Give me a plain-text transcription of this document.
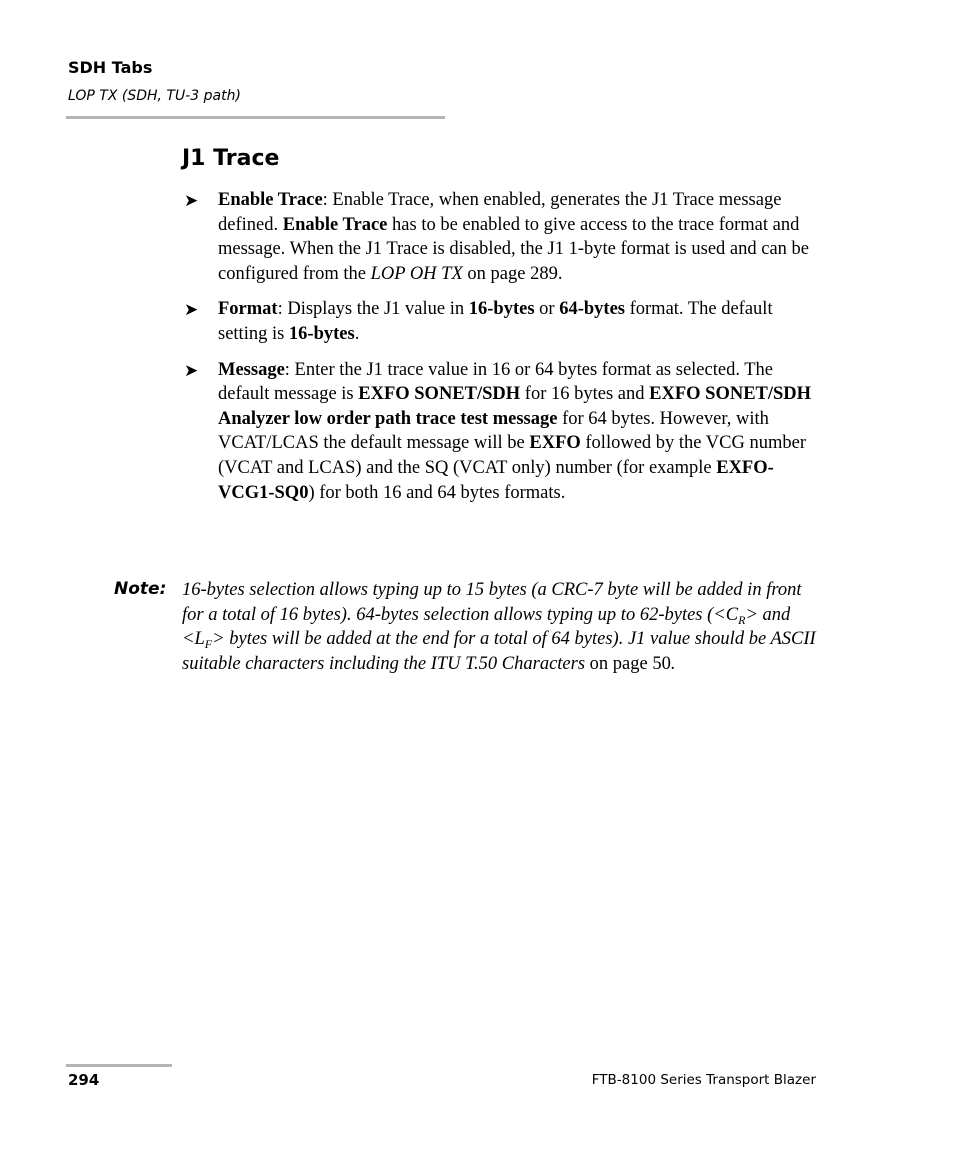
SDH Tabs
LOP TX (SDH, TU-3 path)
J1 Trace
➤ Enable Trace: Enable Trace, when enabled, generates the J1 Trace message defined. Enable Trace has to be enabled to give access to the trace format and message. When the J1 Trace is disabled, the J1 1-byte format is used and can be configured from the LOP OH TX on page 289.
➤ Format: Displays the J1 value in 16-bytes or 64-bytes format. The default setting is 16-bytes.
➤ Message: Enter the J1 trace value in 16 or 64 bytes format as selected. The default message is EXFO SONET/SDH for 16 bytes and EXFO SONET/SDH Analyzer low order path trace test message for 64 bytes. However, with VCAT/LCAS the default message will be EXFO followed by the VCG number (VCAT and LCAS) and the SQ (VCAT only) number (for example EXFO-VCG1-SQ0) for both 16 and 64 bytes formats.
Note: 16-bytes selection allows typing up to 15 bytes (a CRC-7 byte will be added in front for a total of 16 bytes). 64-bytes selection allows typing up to 62-bytes ($<C_R>$ and $<L_F>$ bytes will be added at the end for a total of 64 bytes). J1 value should be ASCII suitable characters including the ITU T.50 Characters on page 50.
294	FTB-8100 Series Transport Blazer
